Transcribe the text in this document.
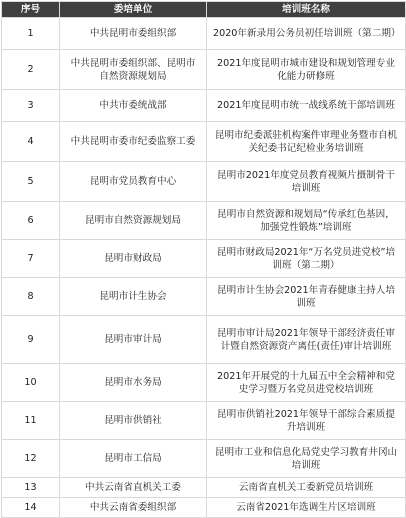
序号	委培单位	培训班名称
1	中共昆明市委组织部	2020年新录用公务员初任培训班（第二期）
2	中共昆明市委组织部、昆明市自然资源规划局	2021年度昆明市城市建设和规划管理专业化能力研修班
3	中共市委统战部	2021年度昆明市统一战线系统干部培训班
4	中共昆明市委市纪委监察工委	昆明市纪委派驻机构案件审理业务暨市自机关纪委书记纪检业务培训班
5	昆明市党员教育中心	昆明市2021年度党员教育视频片摄制骨干培训班
6	昆明市自然资源规划局	昆明市自然资源和规划局“传承红色基因，加强党性锻炼”培训班
7	昆明市财政局	昆明市财政局2021年“万名党员进党校”培训班（第二期）
8	昆明市计生协会	昆明市计生协会2021年青春健康主持人培训班
9	昆明市审计局	昆明市审计局2021年领导干部经济责任审计暨自然资源资产离任(责任)审计培训班
10	昆明市水务局	2021年开展党的十九届五中全会精神和党史学习暨万名党员进党校培训班
11	昆明市供销社	昆明市供销社2021年领导干部综合素质提升培训班
12	昆明市工信局	昆明市工业和信息化局党史学习教育井冈山培训班
13	中共云南省直机关工委	云南省直机关工委新党员培训班
14	中共云南省委组织部	云南省2021年选调生片区培训班
